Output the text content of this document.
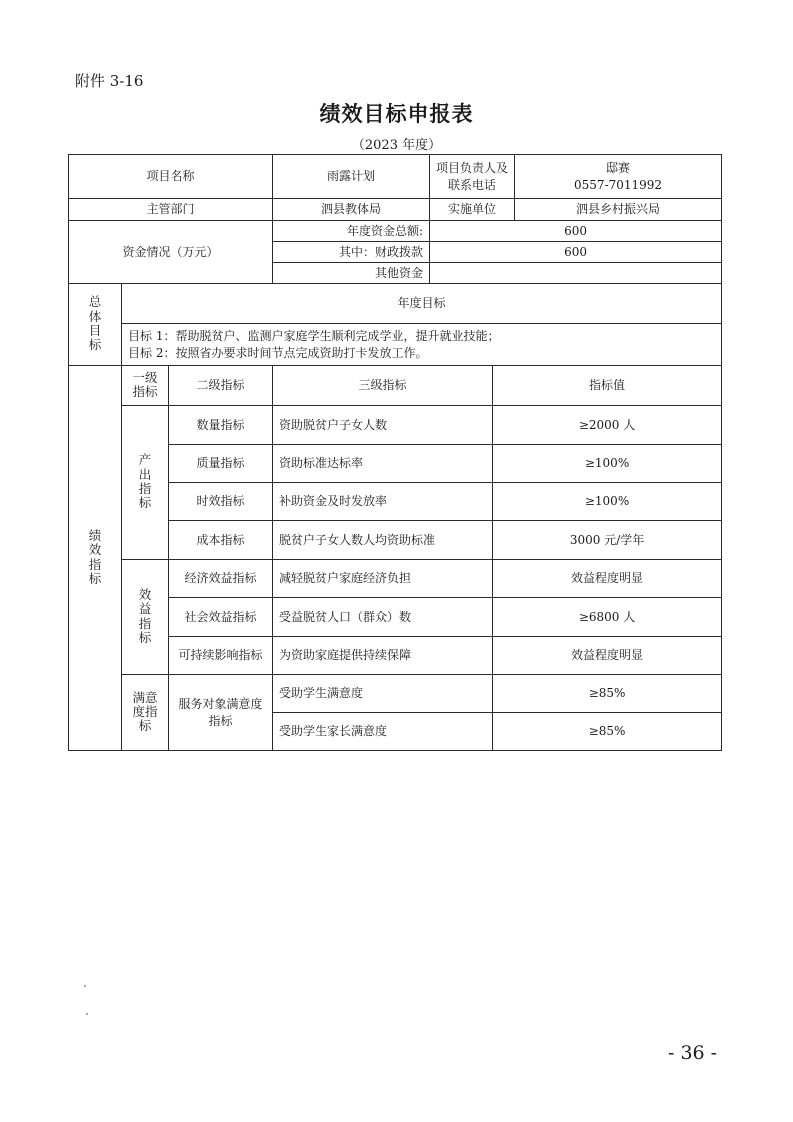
附件 3-16
绩效目标申报表
（2023 年度）
项目名称			雨露计划	项目负责人及联系电话		邸赛
0557-7011992

主管部门			泗县教体局	实施单位		泗县乡村振兴局
资金情况（万元）			年度资金总额:	600		
			其中：财政拨款	600		
			其他资金			
总体目标	年度目标					

	目标 1：帮助脱贫户、监测户家庭学生顺利完成学业，提升就业技能；
目标 2：按照省办要求时间节点完成资助打卡发放工作。					

绩效指标	一级指标	二级指标	三级指标		指标值	
	产出指标	数量指标	资助脱贫户子女人数		≥2000 人	
		质量指标	资助标准达标率		≥100%	
		时效指标	补助资金及时发放率		≥100%	
		成本指标	脱贫户子女人数人均资助标准		3000 元/学年	
	效益指标	经济效益指标	减轻脱贫户家庭经济负担		效益程度明显	
		社会效益指标	受益脱贫人口（群众）数		≥6800 人	
		可持续影响指标	为资助家庭提供持续保障		效益程度明显	
	满意度指标	服务对象满意度指标	受助学生满意度		≥85%	
			受助学生家长满意度		≥85%	
- 36 -
